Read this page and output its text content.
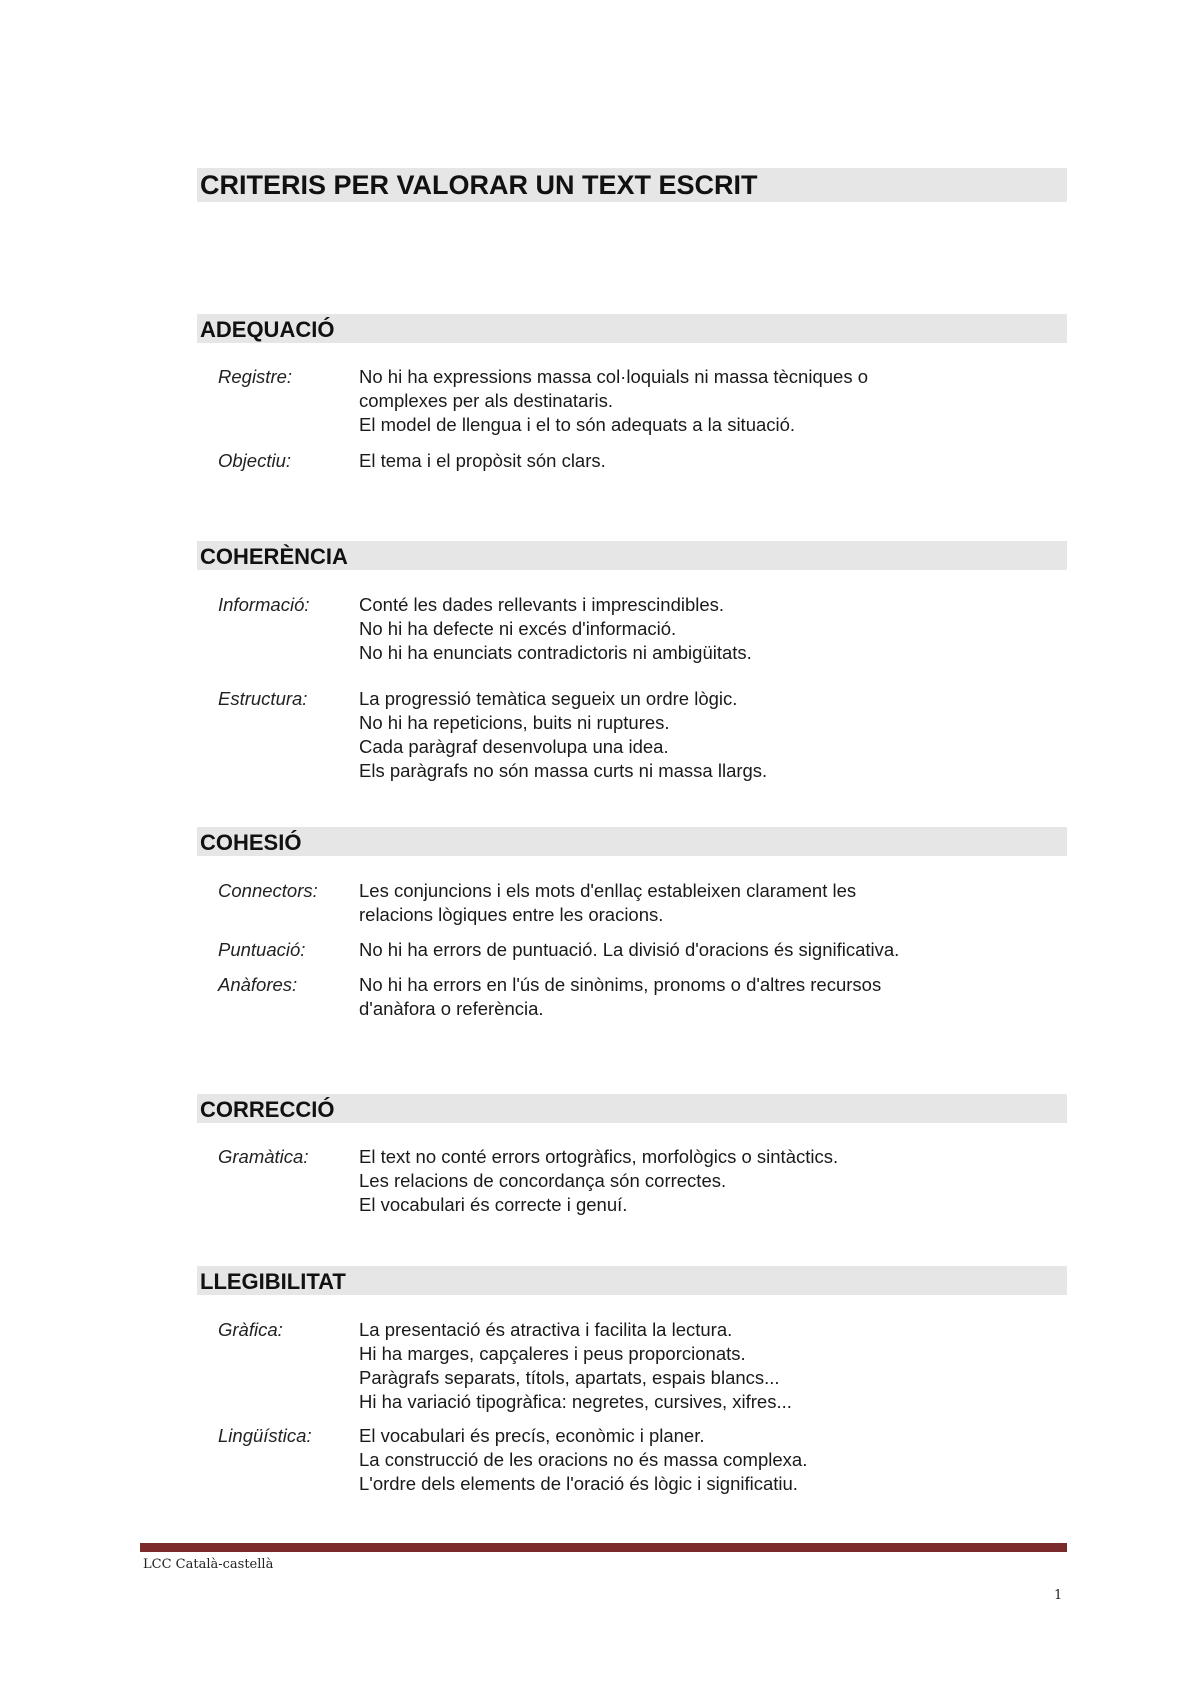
CRITERIS PER VALORAR UN TEXT ESCRIT
ADEQUACIÓ
Registre:	No hi ha expressions massa col·loquials ni massa tècniques o
complexes per als destinataris.
El model de llengua i el to són adequats a la situació.
Objectiu:	El tema i el propòsit són clars.
COHERÈNCIA
Informació:	Conté les dades rellevants i imprescindibles.
No hi ha defecte ni excés d'informació.
No hi ha enunciats contradictoris ni ambigüitats.
Estructura:	La progressió temàtica segueix un ordre lògic.
No hi ha repeticions, buits ni ruptures.
Cada paràgraf desenvolupa una idea.
Els paràgrafs no són massa curts ni massa llargs.
COHESIÓ
Connectors: Les conjuncions i els mots d'enllaç estableixen clarament les
relacions lògiques entre les oracions.
Puntuació:	No hi ha errors de puntuació. La divisió d'oracions és significativa.
Anàfores:	No hi ha errors en l'ús de sinònims, pronoms o d'altres recursos
d'anàfora o referència.
CORRECCIÓ
Gramàtica:	El text no conté errors ortogràfics, morfològics o sintàctics.
Les relacions de concordança són correctes.
El vocabulari és correcte i genuí.
LLEGIBILITAT
Gràfica:	La presentació és atractiva i facilita la lectura.
Hi ha marges, capçaleres i peus proporcionats.
Paràgrafs separats, títols, apartats, espais blancs...
Hi ha variació tipogràfica: negretes, cursives, xifres...
Lingüística:	El vocabulari és precís, econòmic i planer.
La construcció de les oracions no és massa complexa.
L'ordre dels elements de l'oració és lògic i significatiu.
LCC Català-castellà
1
